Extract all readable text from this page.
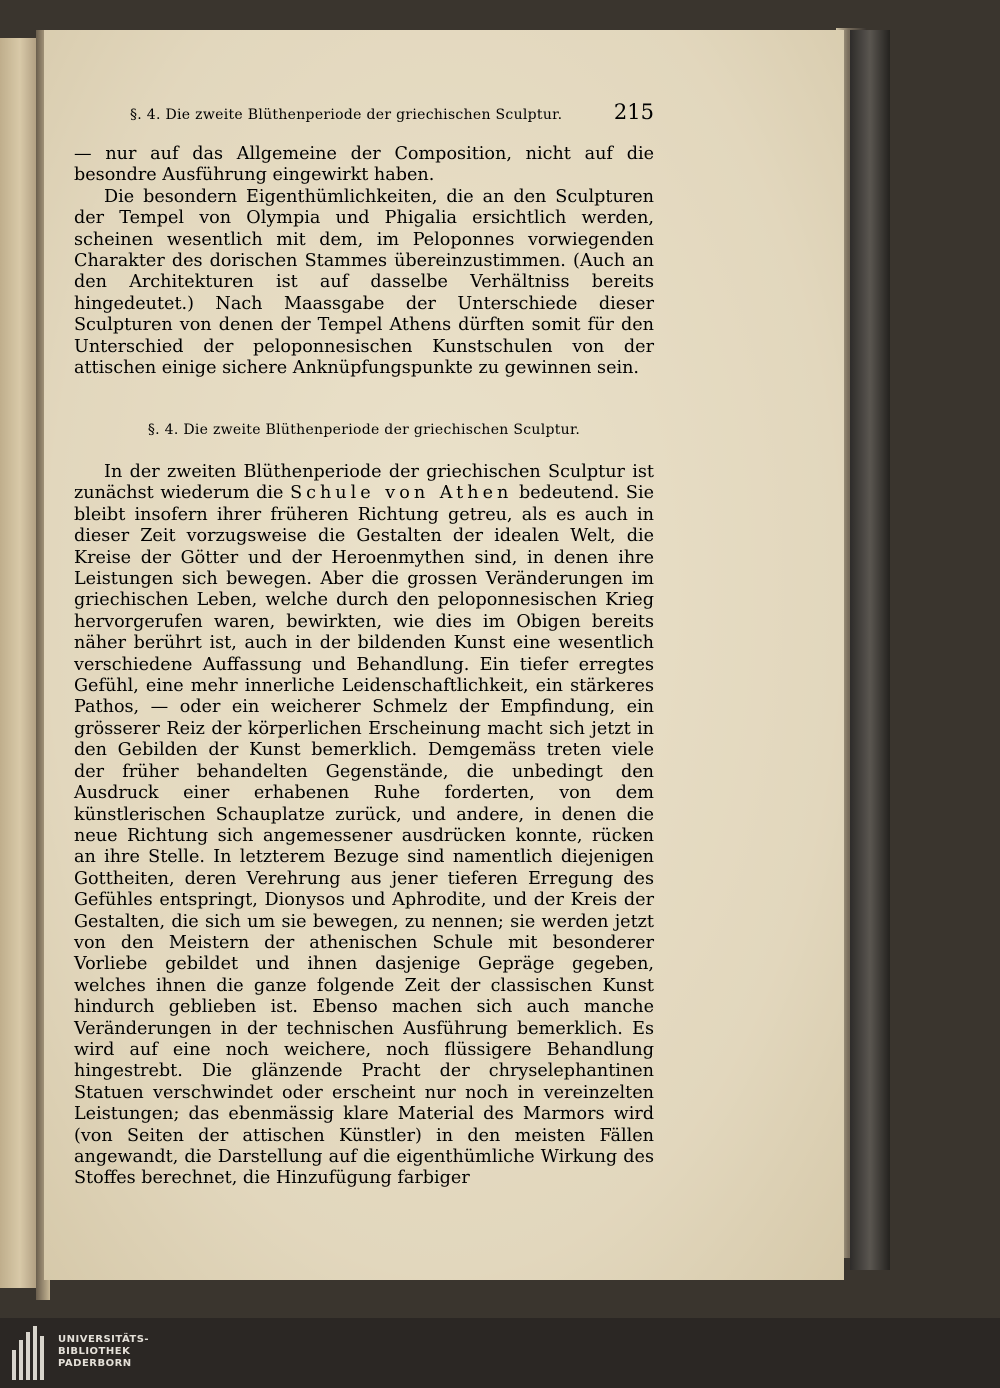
§. 4. Die zweite Blüthenperiode der griechischen Sculptur. 215

— nur auf das Allgemeine der Composition, nicht auf die besondre Ausführung eingewirkt haben.

Die besondern Eigenthümlichkeiten, die an den Sculpturen der Tempel von Olympia und Phigalia ersichtlich werden, scheinen wesentlich mit dem, im Peloponnes vorwiegenden Charakter des dorischen Stammes übereinzustimmen. (Auch an den Architekturen ist auf dasselbe Verhältniss bereits hingedeutet.) Nach Maassgabe der Unterschiede dieser Sculpturen von denen der Tempel Athens dürften somit für den Unterschied der peloponnesischen Kunstschulen von der attischen einige sichere Anknüpfungspunkte zu gewinnen sein.

§. 4. Die zweite Blüthenperiode der griechischen Sculptur.

In der zweiten Blüthenperiode der griechischen Sculptur ist zunächst wiederum die Schule von Athen bedeutend. Sie bleibt insofern ihrer früheren Richtung getreu, als es auch in dieser Zeit vorzugsweise die Gestalten der idealen Welt, die Kreise der Götter und der Heroenmythen sind, in denen ihre Leistungen sich bewegen. Aber die grossen Veränderungen im griechischen Leben, welche durch den peloponnesischen Krieg hervorgerufen waren, bewirkten, wie dies im Obigen bereits näher berührt ist, auch in der bildenden Kunst eine wesentlich verschiedene Auffassung und Behandlung. Ein tiefer erregtes Gefühl, eine mehr innerliche Leidenschaftlichkeit, ein stärkeres Pathos, — oder ein weicherer Schmelz der Empfindung, ein grösserer Reiz der körperlichen Erscheinung macht sich jetzt in den Gebilden der Kunst bemerklich. Demgemäss treten viele der früher behandelten Gegenstände, die unbedingt den Ausdruck einer erhabenen Ruhe forderten, von dem künstlerischen Schauplatze zurück, und andere, in denen die neue Richtung sich angemessener ausdrücken konnte, rücken an ihre Stelle. In letzterem Bezuge sind namentlich diejenigen Gottheiten, deren Verehrung aus jener tieferen Erregung des Gefühles entspringt, Dionysos und Aphrodite, und der Kreis der Gestalten, die sich um sie bewegen, zu nennen; sie werden jetzt von den Meistern der athenischen Schule mit besonderer Vorliebe gebildet und ihnen dasjenige Gepräge gegeben, welches ihnen die ganze folgende Zeit der classischen Kunst hindurch geblieben ist. Ebenso machen sich auch manche Veränderungen in der technischen Ausführung bemerklich. Es wird auf eine noch weichere, noch flüssigere Behandlung hingestrebt. Die glänzende Pracht der chryselephantinen Statuen verschwindet oder erscheint nur noch in vereinzelten Leistungen; das ebenmässig klare Material des Marmors wird (von Seiten der attischen Künstler) in den meisten Fällen angewandt, die Darstellung auf die eigenthümliche Wirkung des Stoffes berechnet, die Hinzufügung farbiger

UNIVERSITÄTS-
BIBLIOTHEK
PADERBORN
